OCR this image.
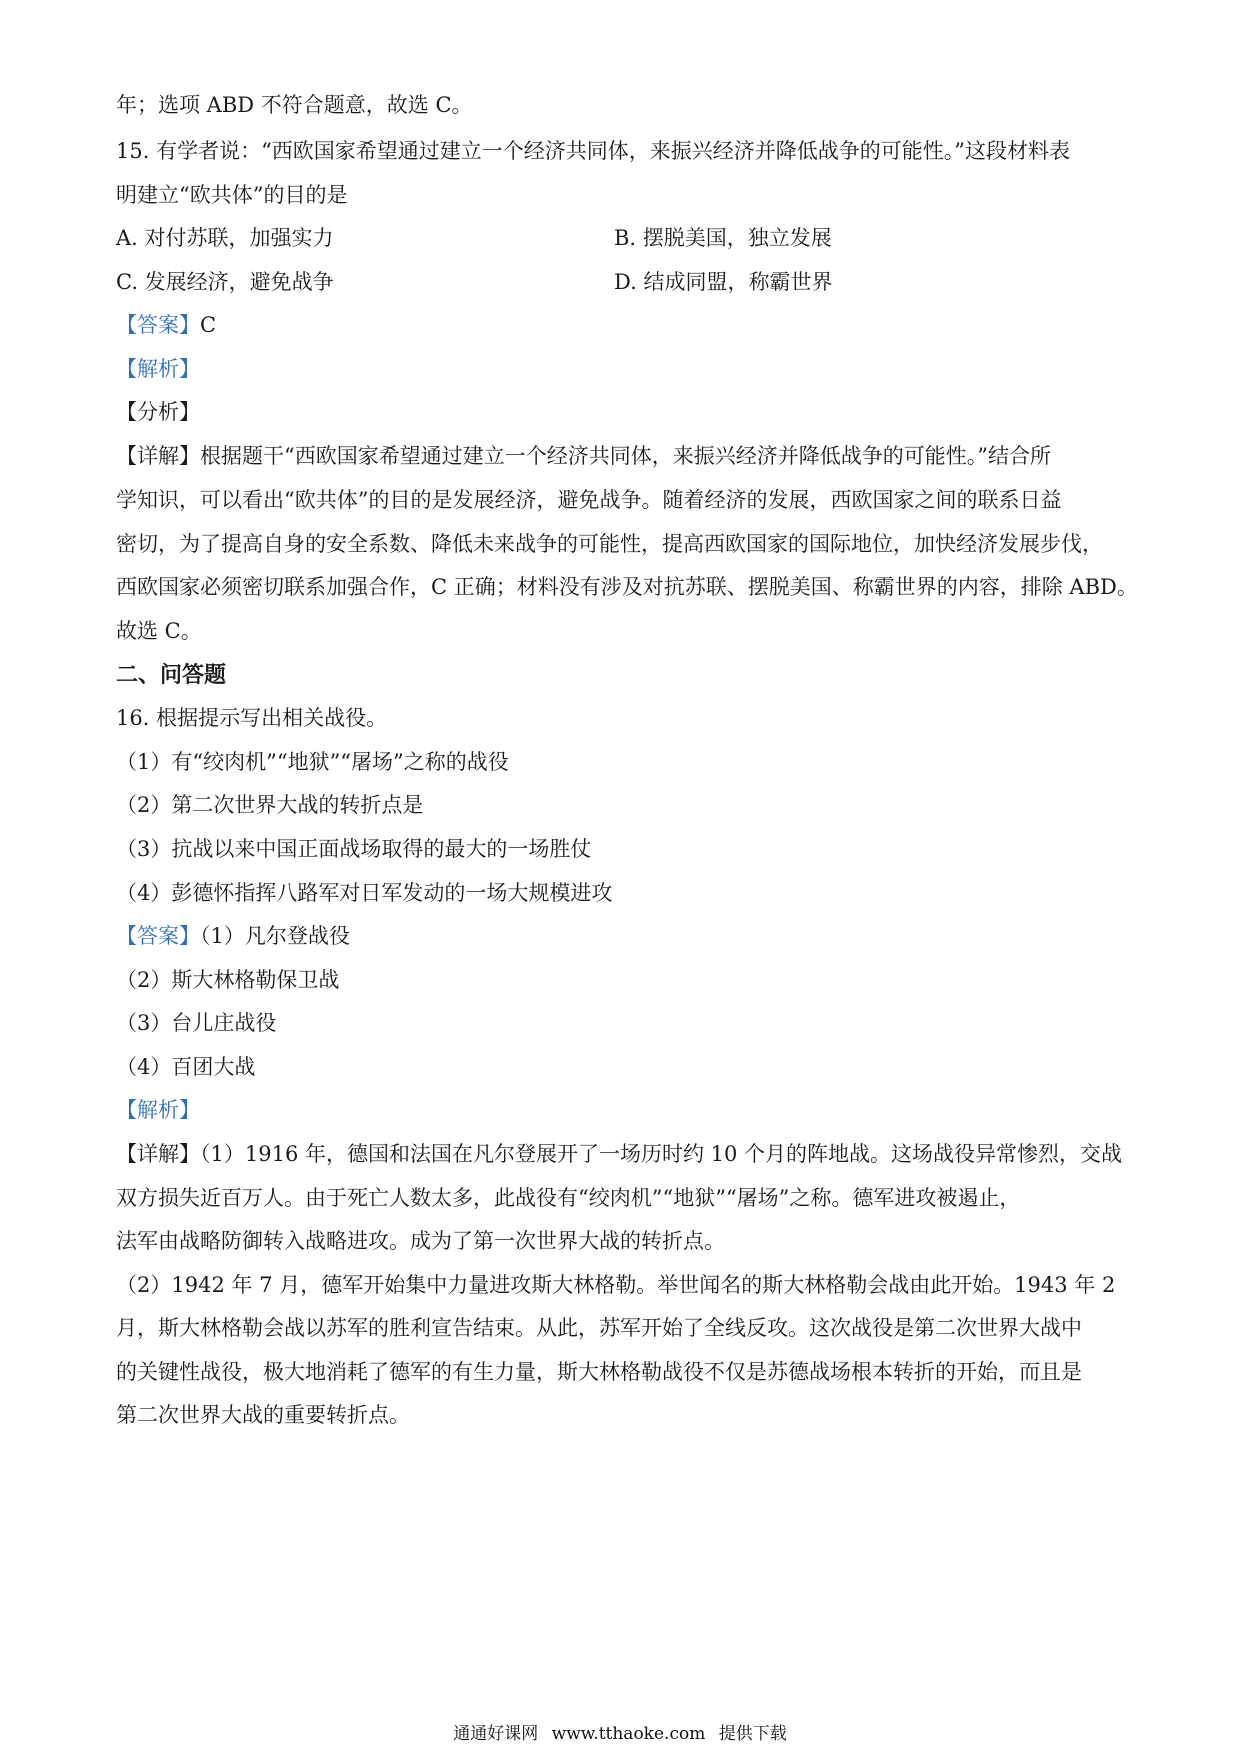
年；选项 ABD 不符合题意，故选 C。
15. 有学者说：“西欧国家希望通过建立一个经济共同体，来振兴经济并降低战争的可能性。”这段材料表
明建立“欧共体”的目的是
A. 对付苏联，加强实力	B. 摆脱美国，独立发展
C. 发展经济，避免战争	D. 结成同盟，称霸世界
【答案】C
【解析】
【分析】
【详解】根据题干“西欧国家希望通过建立一个经济共同体，来振兴经济并降低战争的可能性。”结合所
学知识，可以看出“欧共体”的目的是发展经济，避免战争。随着经济的发展，西欧国家之间的联系日益
密切，为了提高自身的安全系数、降低未来战争的可能性，提高西欧国家的国际地位，加快经济发展步伐，
西欧国家必须密切联系加强合作，C 正确；材料没有涉及对抗苏联、摆脱美国、称霸世界的内容，排除 ABD。
故选 C。
二、问答题
16. 根据提示写出相关战役。
（1）有“绞肉机”“地狱”“屠场”之称的战役
（2）第二次世界大战的转折点是
（3）抗战以来中国正面战场取得的最大的一场胜仗
（4）彭德怀指挥八路军对日军发动的一场大规模进攻
【答案】（1）凡尔登战役
（2）斯大林格勒保卫战
（3）台儿庄战役
（4）百团大战
【解析】
【详解】（1）1916 年，德国和法国在凡尔登展开了一场历时约 10 个月的阵地战。这场战役异常惨烈，交战
双方损失近百万人。由于死亡人数太多，此战役有“绞肉机”“地狱”“屠场”之称。德军进攻被遏止，
法军由战略防御转入战略进攻。成为了第一次世界大战的转折点。
（2）1942 年 7 月，德军开始集中力量进攻斯大林格勒。举世闻名的斯大林格勒会战由此开始。1943 年 2
月，斯大林格勒会战以苏军的胜利宣告结束。从此，苏军开始了全线反攻。这次战役是第二次世界大战中
的关键性战役，极大地消耗了德军的有生力量，斯大林格勒战役不仅是苏德战场根本转折的开始，而且是
第二次世界大战的重要转折点。
通通好课网 www.tthaoke.com 提供下载
